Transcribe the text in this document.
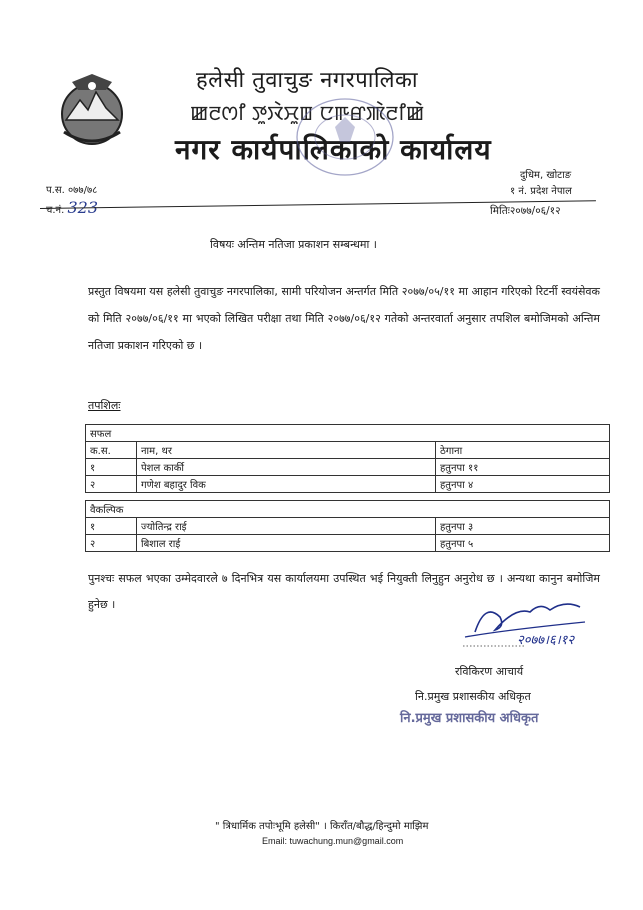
हलेसी तुवाचुङ नगरपालिका
ꯀꯂꯁꯤ ꯇꯨꯋꯥꯆꯨꯡ ꯅꯒꯔꯄꯥꯂꯤꯀꯥ
नगर कार्यपालिकाको कार्यालय
प.स. ०७७/७८
च.नं. 323
दुधिम, खोटाङ
१ नं. प्रदेश नेपाल
मितिः२०७७/०६/१२
विषयः अन्तिम नतिजा प्रकाशन सम्बन्धमा ।

प्रस्तुत विषयमा यस हलेसी तुवाचुङ नगरपालिका, सामी परियोजन अन्तर्गत मिति २०७७/०५/११ मा आहान गरिएको रिटर्नी स्वयंसेवक को मिति २०७७/०६/११ मा भएको लिखित परीक्षा तथा मिति २०७७/०६/१२ गतेको अन्तरवार्ता अनुसार तपशिल बमोजिमको अन्तिम नतिजा प्रकाशन गरिएको छ ।

तपशिलः
सफल		
क.स.	नाम, थर	ठेगाना
१	पेशल कार्की	हतुनपा ११
२	गणेश बहादुर विक	हतुनपा ४
वैकल्पिक		
१	ज्योतिन्द्र राई	हतुनपा ३
२	बिशाल राई	हतुनपा ५

पुनश्चः सफल भएका उम्मेदवारले ७ दिनभित्र यस कार्यालयमा उपस्थित भई नियुक्ती लिनुहुन अनुरोध छ । अन्यथा कानुन बमोजिम हुनेछ ।

२०७७।६।१२
रविकिरण आचार्य
नि.प्रमुख प्रशासकीय अधिकृत
नि.प्रमुख प्रशासकीय अधिकृत
" त्रिधार्मिक तपोःभूमि हलेसी" । किराँत/बौद्ध/हिन्दुमो माझिम
Email: tuwachung.mun@gmail.com
